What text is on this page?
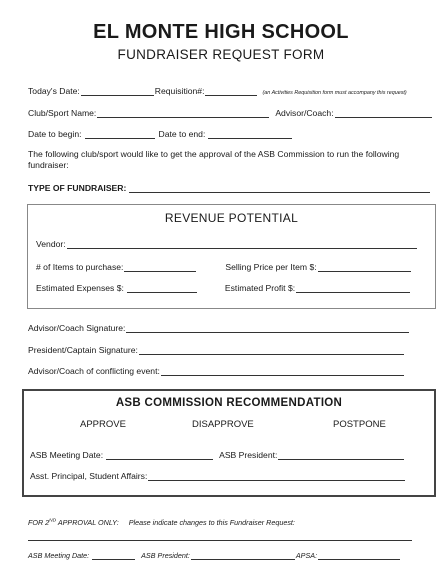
EL MONTE HIGH SCHOOL
FUNDRAISER REQUEST FORM
Today's Date:	Requisition#:	(an Activities Requisition form must accompany this request)
Club/Sport Name:	Advisor/Coach:
Date to begin:	Date to end:
The following club/sport would like to get the approval of the ASB Commission to run the following fundraiser:
TYPE OF FUNDRAISER:
REVENUE POTENTIAL
Vendor:
# of Items to purchase:	Selling Price per Item $:
Estimated Expenses $:	Estimated Profit $:
Advisor/Coach Signature:
President/Captain Signature:
Advisor/Coach of conflicting event:
ASB COMMISSION RECOMMENDATION
APPROVE	DISAPPROVE	POSTPONE
ASB Meeting Date:	ASB President:
Asst. Principal, Student Affairs:
FOR 2ND APPROVAL ONLY: Please indicate changes to this Fundraiser Request:
ASB Meeting Date:	ASB President:	APSA:
